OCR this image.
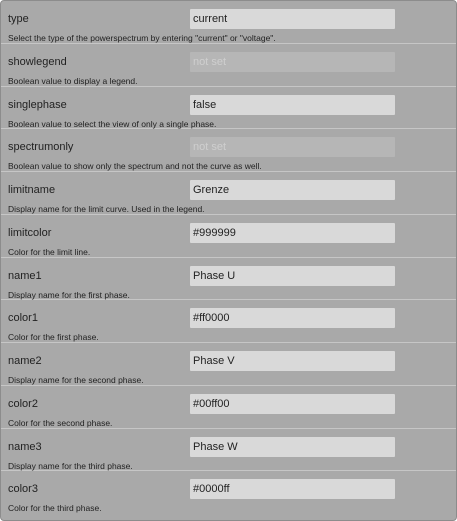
type
current
Select the type of the powerspectrum by entering "current" or "voltage".
showlegend
not set
Boolean value to display a legend.
singlephase
false
Boolean value to select the view of only a single phase.
spectrumonly
not set
Boolean value to show only the spectrum and not the curve as well.
limitname
Grenze
Display name for the limit curve. Used in the legend.
limitcolor
#999999
Color for the limit line.
name1
Phase U
Display name for the first phase.
color1
#ff0000
Color for the first phase.
name2
Phase V
Display name for the second phase.
color2
#00ff00
Color for the second phase.
name3
Phase W
Display name for the third phase.
color3
#0000ff
Color for the third phase.
